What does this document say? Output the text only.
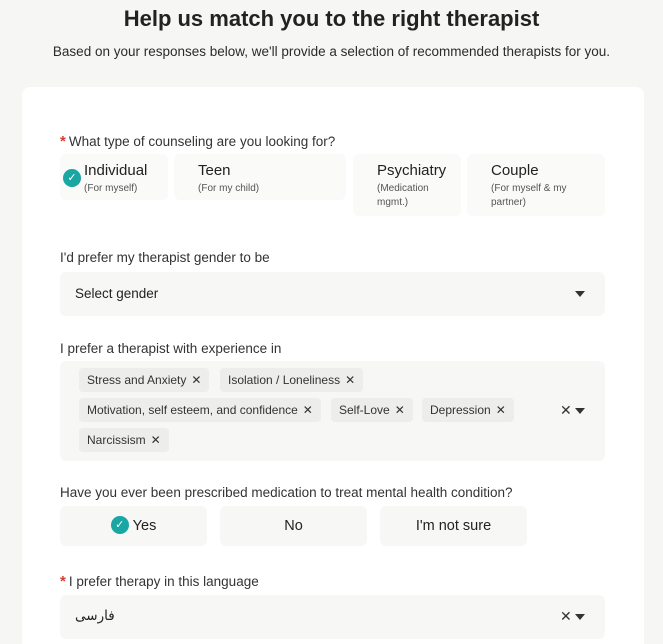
Help us match you to the right therapist
Based on your responses below, we'll provide a selection of recommended therapists for you.
* What type of counseling are you looking for?
✓ Individual
(For myself)
Teen
(For my child)
Psychiatry
(Medication mgmt.)
Couple
(For myself & my partner)
I'd prefer my therapist gender to be
Select gender
I prefer a therapist with experience in
✕
Stress and Anxiety ✕	Isolation / Loneliness ✕
Motivation, self esteem, and confidence ✕	Self-Love ✕	Depression ✕
Narcissism ✕
Have you ever been prescribed medication to treat mental health condition?
✓ Yes	No	I'm not sure
* I prefer therapy in this language
فارسی	✕
